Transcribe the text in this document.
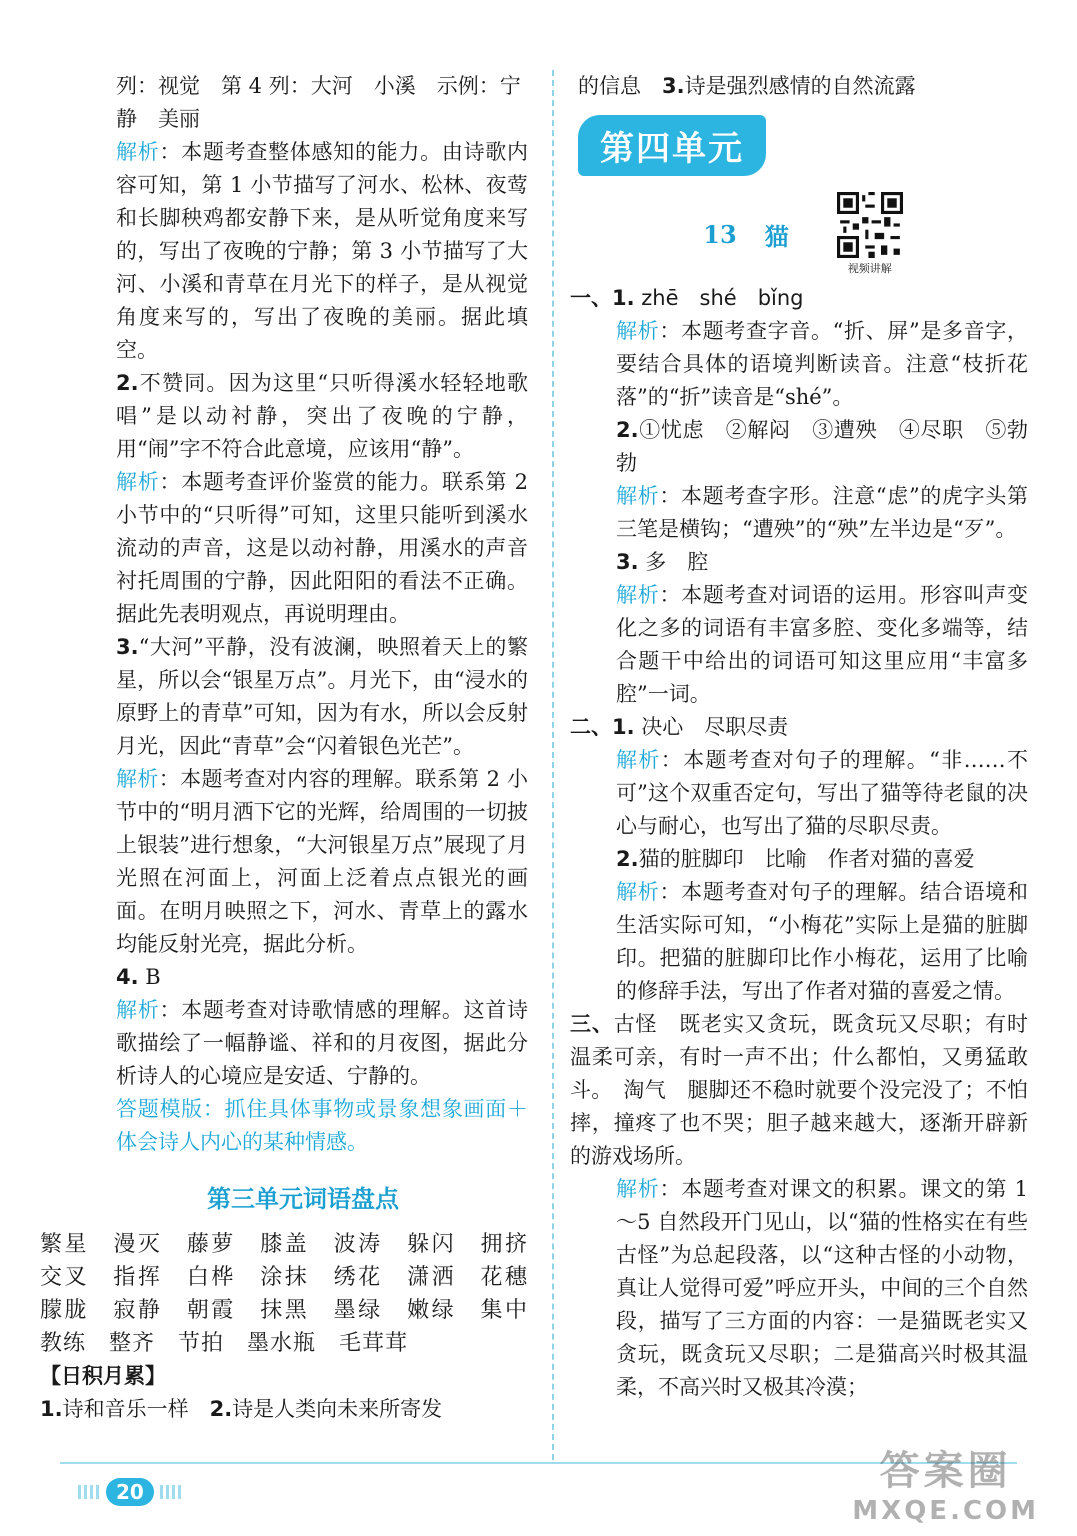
列：视觉　第 4 列：大河　小溪　示例：宁

静　美丽

解析：本题考查整体感知的能力。由诗歌内容可知，第 1 小节描写了河水、松林、夜莺和长脚秧鸡都安静下来，是从听觉角度来写的，写出了夜晚的宁静；第 3 小节描写了大河、小溪和青草在月光下的样子，是从视觉角度来写的，写出了夜晚的美丽。据此填空。

2.不赞同。因为这里“只听得溪水轻轻地歌唱”是以动衬静，突出了夜晚的宁静，用“闹”字不符合此意境，应该用“静”。

解析：本题考查评价鉴赏的能力。联系第 2 小节中的“只听得”可知，这里只能听到溪水流动的声音，这是以动衬静，用溪水的声音衬托周围的宁静，因此阳阳的看法不正确。据此先表明观点，再说明理由。

3.“大河”平静，没有波澜，映照着天上的繁星，所以会“银星万点”。月光下，由“浸水的原野上的青草”可知，因为有水，所以会反射月光，因此“青草”会“闪着银色光芒”。

解析：本题考查对内容的理解。联系第 2 小节中的“明月洒下它的光辉，给周围的一切披上银装”进行想象，“大河银星万点”展现了月光照在河面上，河面上泛着点点银光的画面。在明月映照之下，河水、青草上的露水均能反射光亮，据此分析。

4. B

解析：本题考查对诗歌情感的理解。这首诗歌描绘了一幅静谧、祥和的月夜图，据此分析诗人的心境应是安适、宁静的。

答题模版：抓住具体事物或景象想象画面＋体会诗人内心的某种情感。

第三单元词语盘点

繁星　漫灭　藤萝　膝盖　波涛　躲闪　拥挤　交叉　指挥　白桦　涂抹　绣花　潇洒　花穗　朦胧　寂静　朝霞　抹黑　墨绿　嫩绿　集中　教练　整齐　节拍　墨水瓶　毛茸茸

【日积月累】

1.诗和音乐一样　 2.诗是人类向未来所寄发

的信息　 3.诗是强烈感情的自然流露

第四单元
13 猫
视频讲解

一、1. zhē　shé　bǐng

解析：本题考查字音。“折、屏”是多音字，要结合具体的语境判断读音。注意“枝折花落”的“折”读音是“shé”。

2.①忧虑　②解闷　③遭殃　④尽职　⑤勃勃

解析：本题考查字形。注意“虑”的虎字头第三笔是横钩；“遭殃”的“殃”左半边是“歹”。

3. 多　腔

解析：本题考查对词语的运用。形容叫声变化之多的词语有丰富多腔、变化多端等，结合题干中给出的词语可知这里应用“丰富多腔”一词。

二、1. 决心　尽职尽责

解析：本题考查对句子的理解。“非……不可”这个双重否定句，写出了猫等待老鼠的决心与耐心，也写出了猫的尽职尽责。

2.猫的脏脚印　比喻　作者对猫的喜爱

解析：本题考查对句子的理解。结合语境和生活实际可知，“小梅花”实际上是猫的脏脚印。把猫的脏脚印比作小梅花，运用了比喻的修辞手法，写出了作者对猫的喜爱之情。

三、古怪　既老实又贪玩，既贪玩又尽职；有时温柔可亲，有时一声不出；什么都怕，又勇猛敢斗。　淘气　腿脚还不稳时就要个没完没了；不怕摔，撞疼了也不哭；胆子越来越大，逐渐开辟新的游戏场所。

解析：本题考查对课文的积累。课文的第 1～5 自然段开门见山，以“猫的性格实在有些古怪”为总起段落，以“这种古怪的小动物，真让人觉得可爱”呼应开头，中间的三个自然段，描写了三方面的内容：一是猫既老实又贪玩，既贪玩又尽职；二是猫高兴时极其温柔，不高兴时又极其冷漠；

20	答案圈
MXQE.COM
